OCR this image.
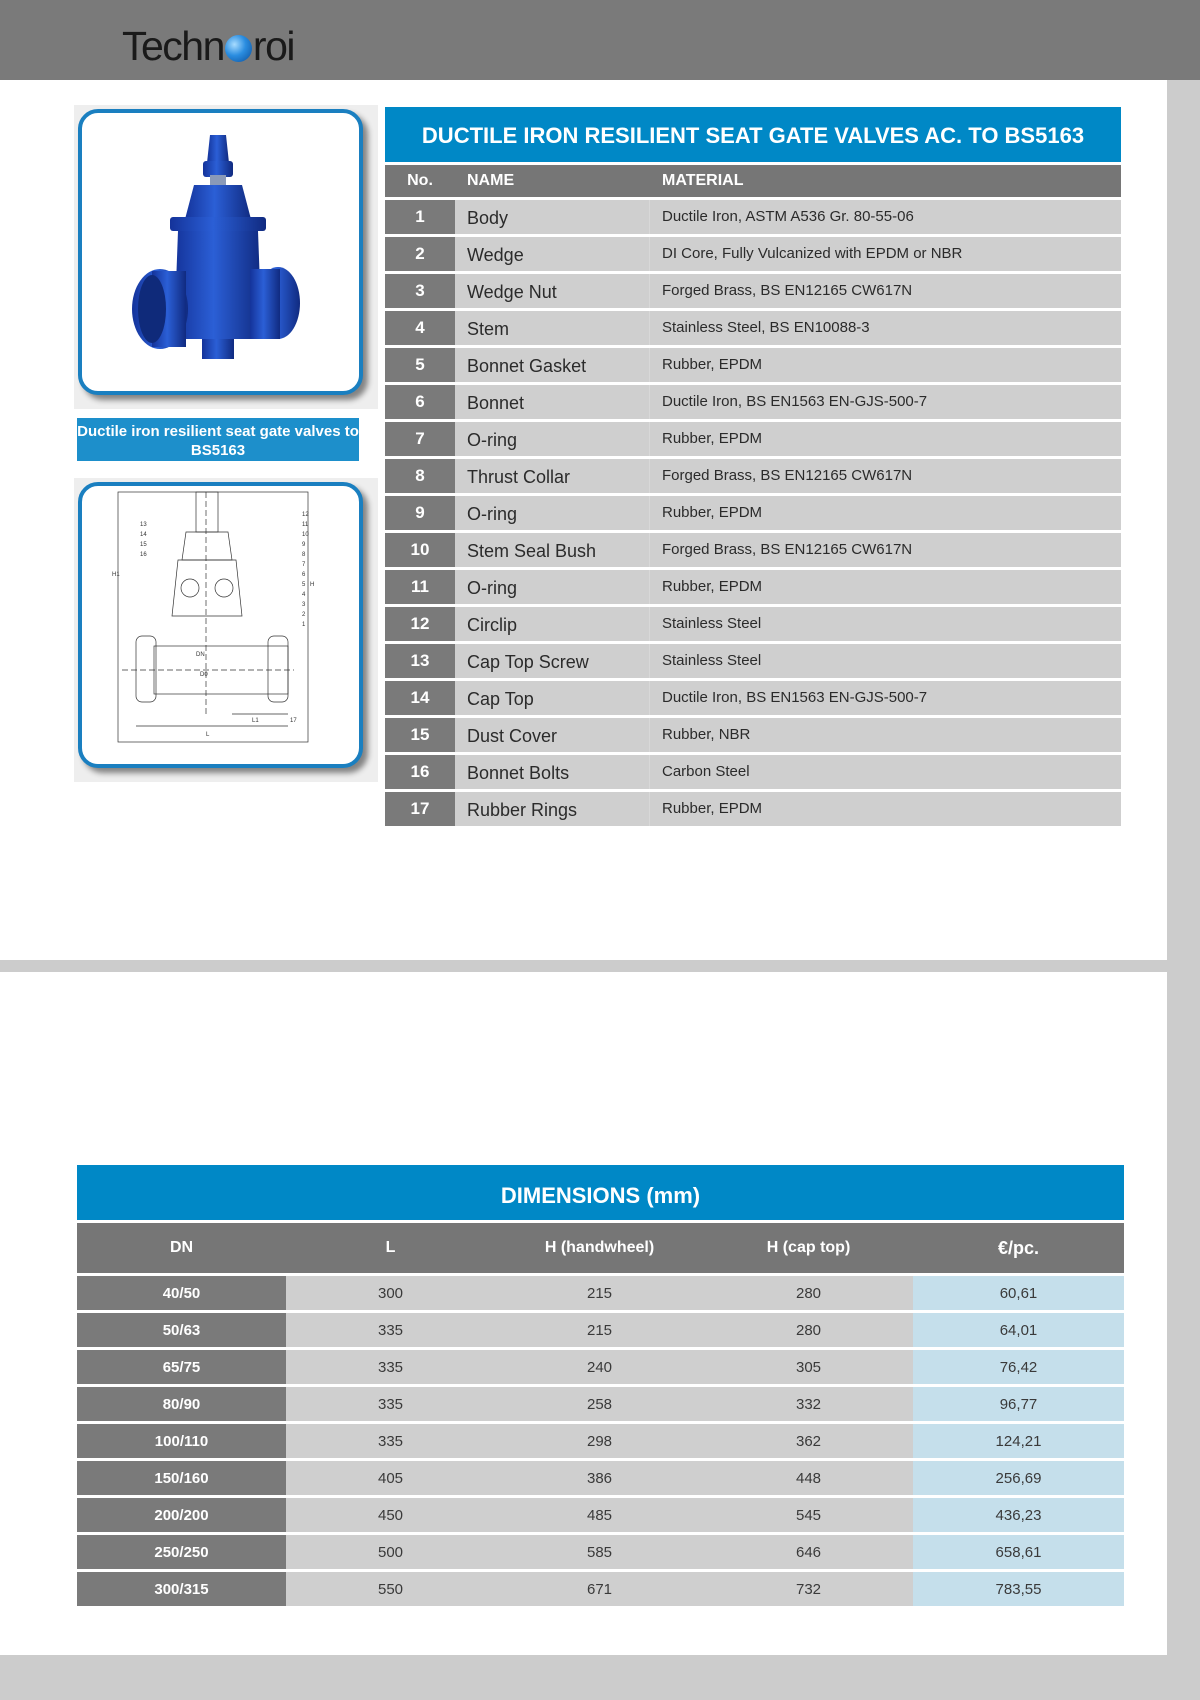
Techn roi
Ductile iron resilient seat gate valves to BS5163
12
11
10
9
8
7
6
5
4
3
2
1
13
14
15
16
L
L1
DN
17
H
D0
H1
DUCTILE IRON RESILIENT SEAT GATE VALVES AC. TO BS5163
No.	NAME	MATERIAL
1	Body	Ductile Iron, ASTM A536 Gr. 80-55-06
2	Wedge	DI Core, Fully Vulcanized with EPDM or NBR
3	Wedge Nut	Forged Brass, BS EN12165 CW617N
4	Stem	Stainless Steel, BS EN10088-3
5	Bonnet Gasket	Rubber, EPDM
6	Bonnet	Ductile Iron, BS EN1563 EN-GJS-500-7
7	O-ring	Rubber, EPDM
8	Thrust Collar	Forged Brass, BS EN12165 CW617N
9	O-ring	Rubber, EPDM
10	Stem Seal Bush	Forged Brass, BS EN12165 CW617N
11	O-ring	Rubber, EPDM
12	Circlip	Stainless Steel
13	Cap Top Screw	Stainless Steel
14	Cap Top	Ductile Iron, BS EN1563 EN-GJS-500-7
15	Dust Cover	Rubber, NBR
16	Bonnet Bolts	Carbon Steel
17	Rubber Rings	Rubber, EPDM
DIMENSIONS (mm)
DN	L	H (handwheel)	H (cap top)	€/pc.
40/50	300	215	280	60,61
50/63	335	215	280	64,01
65/75	335	240	305	76,42
80/90	335	258	332	96,77
100/110	335	298	362	124,21
150/160	405	386	448	256,69
200/200	450	485	545	436,23
250/250	500	585	646	658,61
300/315	550	671	732	783,55
